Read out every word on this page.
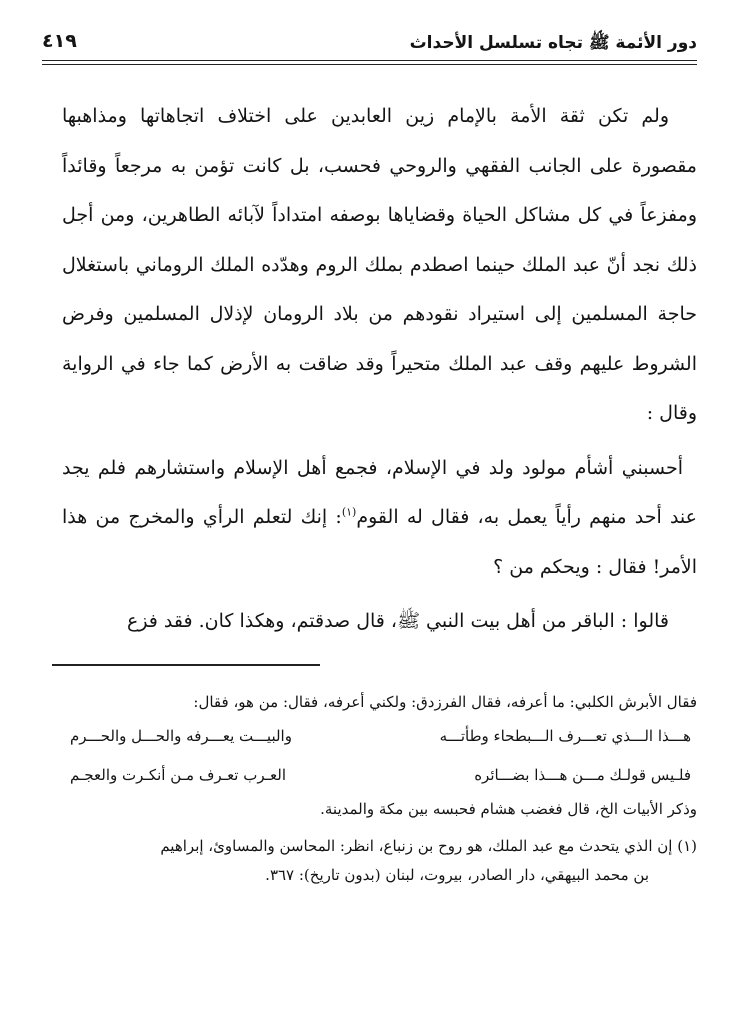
دور الأئمة ﷺ تجاه تسلسل الأحداث
٤١٩

ولم تكن ثقة الأمة بالإمام زين العابدين على اختلاف اتجاهاتها ومذاهبها مقصورة على الجانب الفقهي والروحي فحسب، بل كانت تؤمن به مرجعاً وقائداً ومفزعاً في كل مشاكل الحياة وقضاياها بوصفه امتداداً لآبائه الطاهرين، ومن أجل ذلك نجد أنّ عبد الملك حينما اصطدم بملك الروم وهدّده الملك الروماني باستغلال حاجة المسلمين إلى استيراد نقودهم من بلاد الرومان لإذلال المسلمين وفرض الشروط عليهم وقف عبد الملك متحيراً وقد ضاقت به الأرض كما جاء في الرواية وقال :

أحسبني أشأم مولود ولد في الإسلام، فجمع أهل الإسلام واستشارهم فلم يجد عند أحد منهم رأياً يعمل به، فقال له القوم$^{(١)}$: إنك لتعلم الرأي والمخرج من هذا الأمر! فقال : ويحكم من ؟

قالوا : الباقر من أهل بيت النبي ﷺ، قال صدقتم، وهكذا كان. فقد فزع

فقال الأبرش الكلبي: ما أعرفه، فقال الفرزدق: ولكني أعرفه، فقال: من هو، فقال:

هـــذا الـــذي تعـــرف الـــبطحاء وطأتـــه
والبيـــت يعـــرفه والحـــل والحـــرم
فلـيس قولـك مـــن هـــذا بضـــائره
العـرب تعـرف مـن أنكـرت والعجـم

وذكر الأبيات الخ، قال فغضب هشام فحبسه بين مكة والمدينة.

(١) إن الذي يتحدث مع عبد الملك، هو روح بن زنباع، انظر: المحاسن والمساوئ، إبراهيم

بن محمد البيهقي، دار الصادر، بيروت، لبنان (بدون تاريخ): ٣٦٧.
